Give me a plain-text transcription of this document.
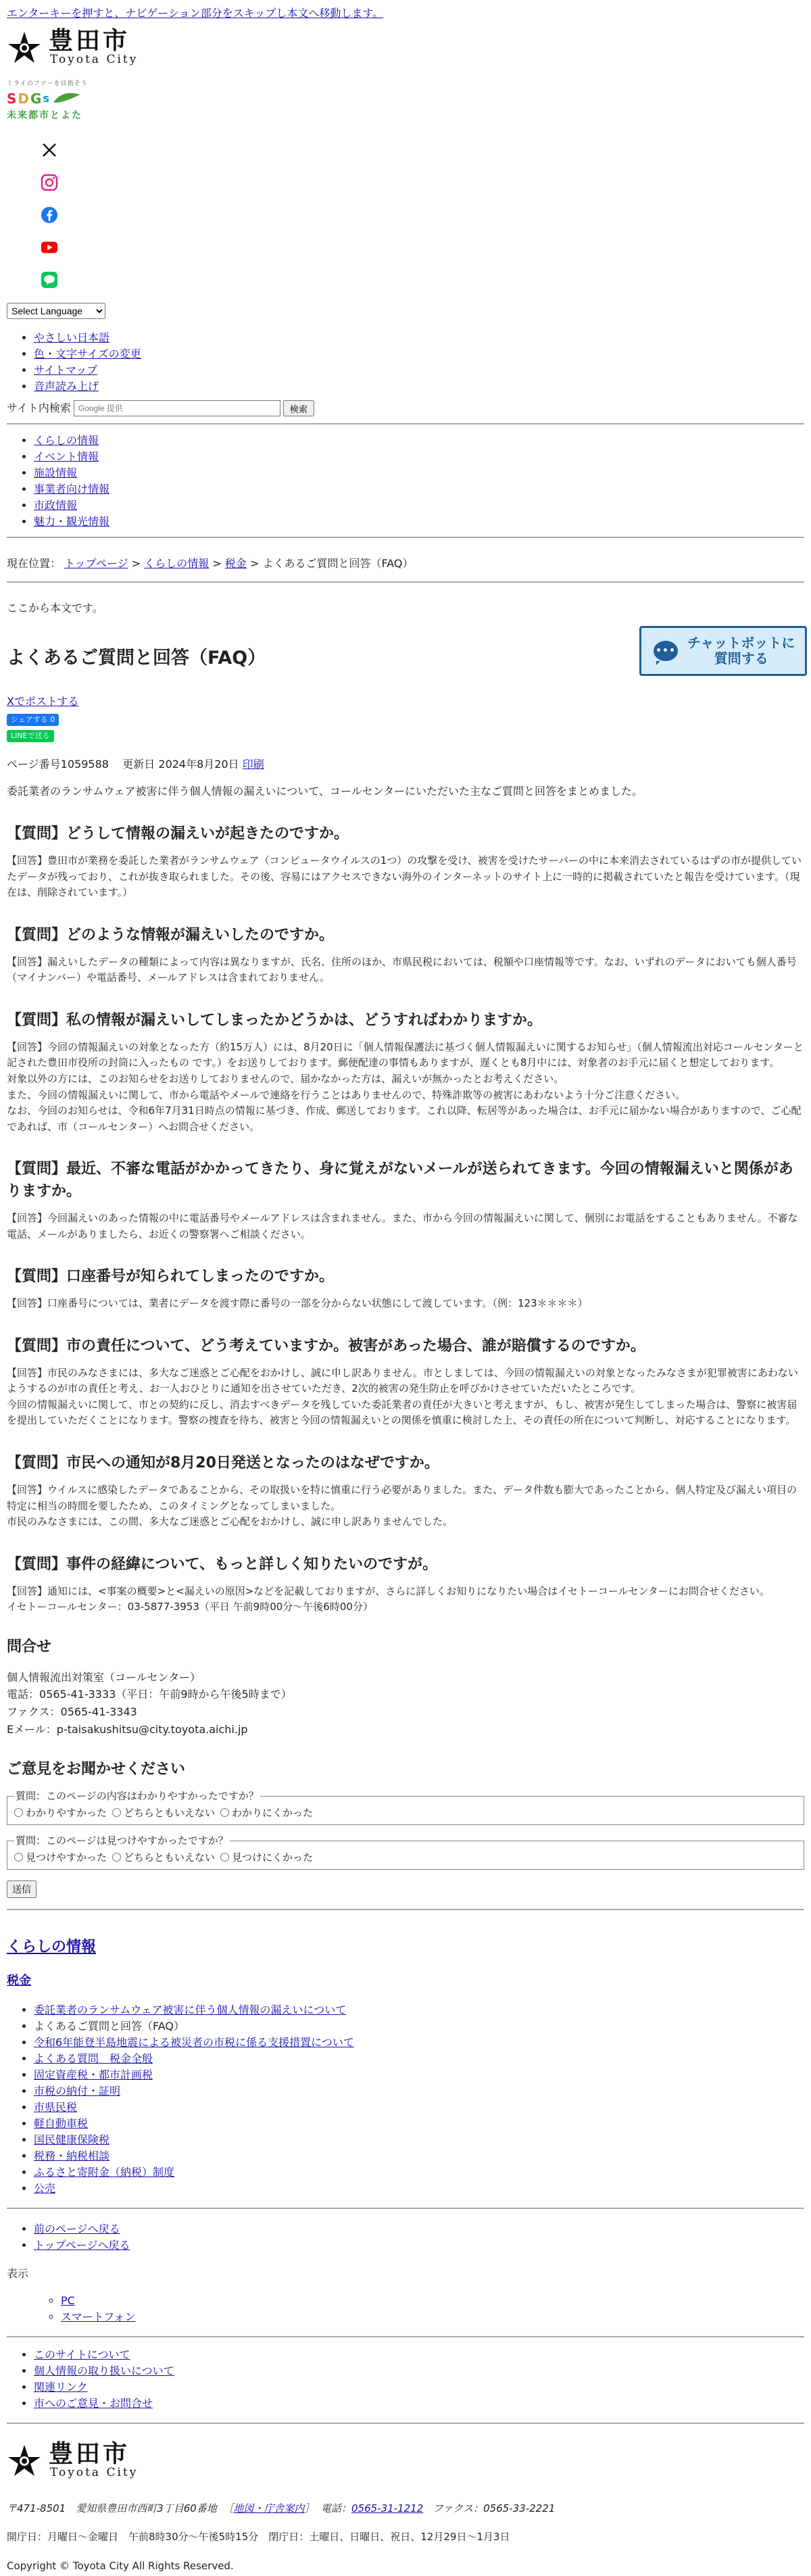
エンターキーを押すと、ナビゲーション部分をスキップし本文へ移動します。
豊田市
Toyota City
ミライのフツーを目指そう
S D G s
未来都市とよた
Select Language
• やさしい日本語
• 色・文字サイズの変更
• サイトマップ
• 音声読み上げ
サイト内検索
Google 提供	検索
• くらしの情報
• イベント情報
• 施設情報
• 事業者向け情報
• 市政情報
• 魅力・観光情報
現在位置： トップページ > くらしの情報 > 税金 > よくあるご質問と回答（FAQ）
ここから本文です。
よくあるご質問と回答（FAQ）	••• チャットボットに
質問する
Xでポストする
シェアする 0
LINEで送る
ページ番号1059588 更新日 2024年8月20日 印刷
委託業者のランサムウェア被害に伴う個人情報の漏えいについて、コールセンターにいただいた主なご質問と回答をまとめました。
【質問】どうして情報の漏えいが起きたのですか。

【回答】豊田市が業務を委託した業者がランサムウェア（コンピュータウイルスの1つ）の攻撃を受け、被害を受けたサーバーの中に本来消去されているはずの市が提供していたデータが残っており、これが抜き取られました。その後、容易にはアクセスできない海外のインターネットのサイト上に一時的に掲載されていたと報告を受けています。（現在は、削除されています。）

【質問】どのような情報が漏えいしたのですか。

【回答】漏えいしたデータの種類によって内容は異なりますが、氏名、住所のほか、市県民税においては、税額や口座情報等です。なお、いずれのデータにおいても個人番号（マイナンバー）や電話番号、メールアドレスは含まれておりません。

【質問】私の情報が漏えいしてしまったかどうかは、どうすればわかりますか。

【回答】今回の情報漏えいの対象となった方（約15万人）には、8月20日に「個人情報保護法に基づく個人情報漏えいに関するお知らせ」（個人情報流出対応コールセンターと記された豊田市役所の封筒に入ったもの です。）をお送りしております。郵便配達の事情もありますが、遅くとも8月中には、対象者のお手元に届くと想定しております。

対象以外の方には、このお知らせをお送りしておりませんので、届かなかった方は、漏えいが無かったとお考えください。

また、今回の情報漏えいに関して、市から電話やメールで連絡を行うことはありませんので、特殊詐欺等の被害にあわないよう十分ご注意ください。

なお、今回のお知らせは、令和6年7月31日時点の情報に基づき、作成、郵送しております。これ以降、転居等があった場合は、お手元に届かない場合がありますので、ご心配であれば、市（コールセンター）へお問合せください。

【質問】最近、不審な電話がかかってきたり、身に覚えがないメールが送られてきます。今回の情報漏えいと関係がありますか。

【回答】今回漏えいのあった情報の中に電話番号やメールアドレスは含まれません。また、市から今回の情報漏えいに関して、個別にお電話をすることもありません。不審な電話、メールがありましたら、お近くの警察署へご相談ください。

【質問】口座番号が知られてしまったのですか。

【回答】口座番号については、業者にデータを渡す際に番号の一部を分からない状態にして渡しています。（例：123＊＊＊＊）

【質問】市の責任について、どう考えていますか。被害があった場合、誰が賠償するのですか。

【回答】市民のみなさまには、多大なご迷惑とご心配をおかけし、誠に申し訳ありません。市としましては、今回の情報漏えいの対象となったみなさまが犯罪被害にあわないようするのが市の責任と考え、お一人おひとりに通知を出させていただき、2次的被害の発生防止を呼びかけさせていただいたところです。

今回の情報漏えいに関して、市との契約に反し、消去すべきデータを残していた委託業者の責任が大きいと考えますが、もし、被害が発生してしまった場合は、警察に被害届を提出していただくことになります。警察の捜査を待ち、被害と今回の情報漏えいとの関係を慎重に検討した上、その責任の所在について判断し、対応することになります。

【質問】市民への通知が8月20日発送となったのはなぜですか。

【回答】ウイルスに感染したデータであることから、その取扱いを特に慎重に行う必要がありました。また、データ件数も膨大であったことから、個人特定及び漏えい項目の特定に相当の時間を要したため、このタイミングとなってしまいました。

市民のみなさまには、この間、多大なご迷惑とご心配をおかけし、誠に申し訳ありませんでした。

【質問】事件の経緯について、もっと詳しく知りたいのですが。

【回答】通知には、<事案の概要>と<漏えいの原因>などを記載しておりますが、さらに詳しくお知りになりたい場合はイセトーコールセンターにお問合せください。

イセトーコールセンター：03-5877-3953（平日 午前9時00分～午後6時00分）

問合せ

個人情報流出対策室（コールセンター）

電話：0565-41-3333（平日：午前9時から午後5時まで）

ファクス：0565-41-3343

Eメール：p-taisakushitsu@city.toyota.aichi.jp

ご意見をお聞かせください
質問：このページの内容はわかりやすかったですか？
わかりやすかった どちらともいえない わかりにくかった
質問：このページは見つけやすかったですか？
見つけやすかった どちらともいえない 見つけにくかった
送信
くらしの情報
税金
• 委託業者のランサムウェア被害に伴う個人情報の漏えいについて
• よくあるご質問と回答（FAQ）
• 令和6年能登半島地震による被災者の市税に係る支援措置について
• よくある質問　税金全般
• 固定資産税・都市計画税
• 市税の納付・証明
• 市県民税
• 軽自動車税
• 国民健康保険税
• 税務・納税相談
• ふるさと寄附金（納税）制度
• 公売
• 前のページへ戻る
• トップページへ戻る
表示
◦ PC
◦ スマートフォン
• このサイトについて
• 個人情報の取り扱いについて
• 関連リンク
• 市へのご意見・お問合せ
豊田市
Toyota City
〒471-8501　愛知県豊田市西町3丁目60番地  ［地図・庁舎案内］  電話：0565-31-1212 ファクス：0565-33-2221
開庁日：月曜日～金曜日　午前8時30分～午後5時15分　閉庁日：土曜日、日曜日、祝日、12月29日～1月3日
Copyright © Toyota City All Rights Reserved.
